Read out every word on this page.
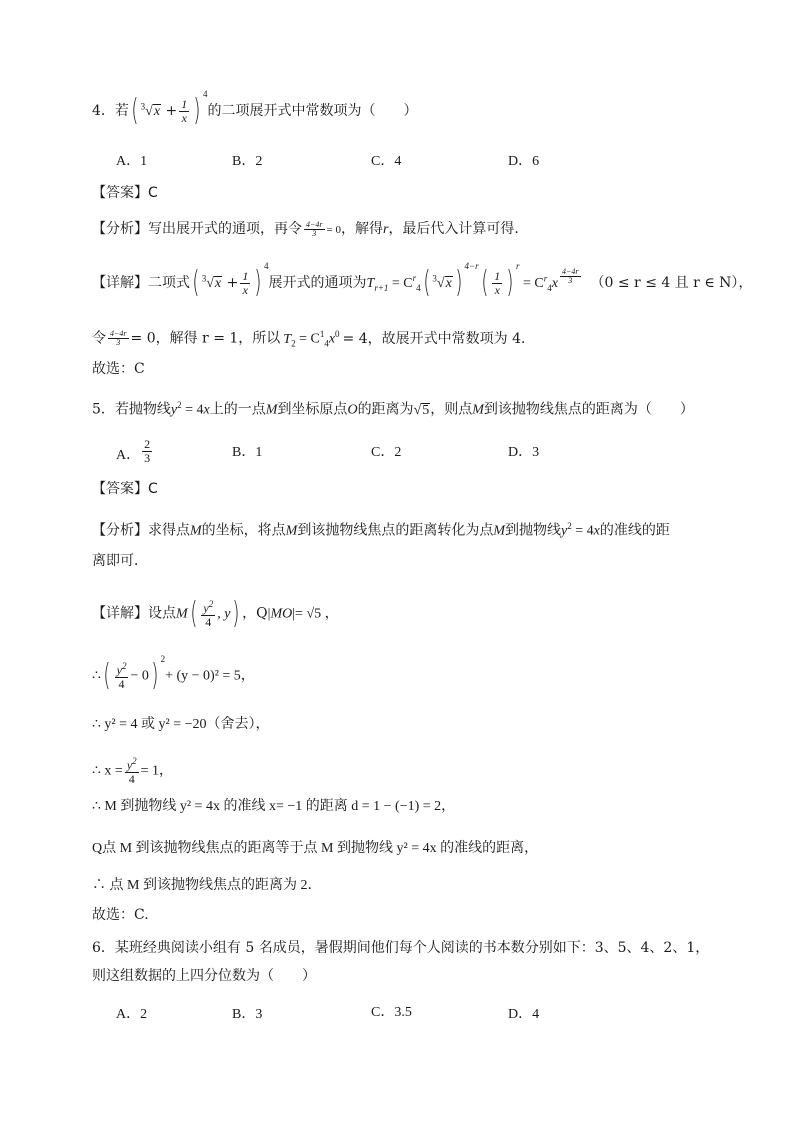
4．若( $^3√x + \frac{1}{x}$ ) $^4$的二项展开式中常数项为（　　）
A．1	B．2	C．4	D．6
【答案】C
【分析】写出展开式的通项，再令 $\frac{4-4r}{3} = 0$，解得r，最后代入计算可得.
【详解】二项式( $^3√x + \frac{1}{x}$ ) $^4$展开式的通项为$T_{r+1} = C^r_4$( $^3$√x ) $^{4-r}( \frac{1}{x}$ ) $^r = C^r_4x \frac{4-4r}{3} (0 \le r \le 4$ 且 r ∈ N），
令 $\frac{4-4r}{3} = 0$，解得 r = 1，所以 $T_2 = C^1_4x^0 = 4$，故展开式中常数项为 4．
故选：C
5．若抛物线$y^2 = 4x$上的一点M到坐标原点O的距离为√5，则点M到该抛物线焦点的距离为（　　）
A． $\frac{2}{3}$	B．1	C．2	D．3
【答案】C
【分析】求得点M的坐标，将点M到该抛物线焦点的距离转化为点M到抛物线$y^2 = 4x$的准线的距
离即可．
【详解】设点$M( \frac{y^2}{4}$ , y) ，Q|MO|= √5 ，
∴( $\frac{y^2}{4} - 0$) $^2$+ (y − 0)² = 5，
∴ y² = 4 或 y² = −20（舍去），
∴ $x = \frac{y^2}{4} = 1$，
∴ M 到抛物线 y² = 4x 的准线 x= −1 的距离 d = 1 − (−1) = 2，
Q点 M 到该抛物线焦点的距离等于点 M 到抛物线 y² = 4x 的准线的距离，
∴ 点 M 到该抛物线焦点的距离为 2．
故选：C.
6．某班经典阅读小组有 5 名成员，暑假期间他们每个人阅读的书本数分别如下：3、5、4、2、1，
则这组数据的上四分位数为（　　）
A．2	B．3	C．3.5	D．4
